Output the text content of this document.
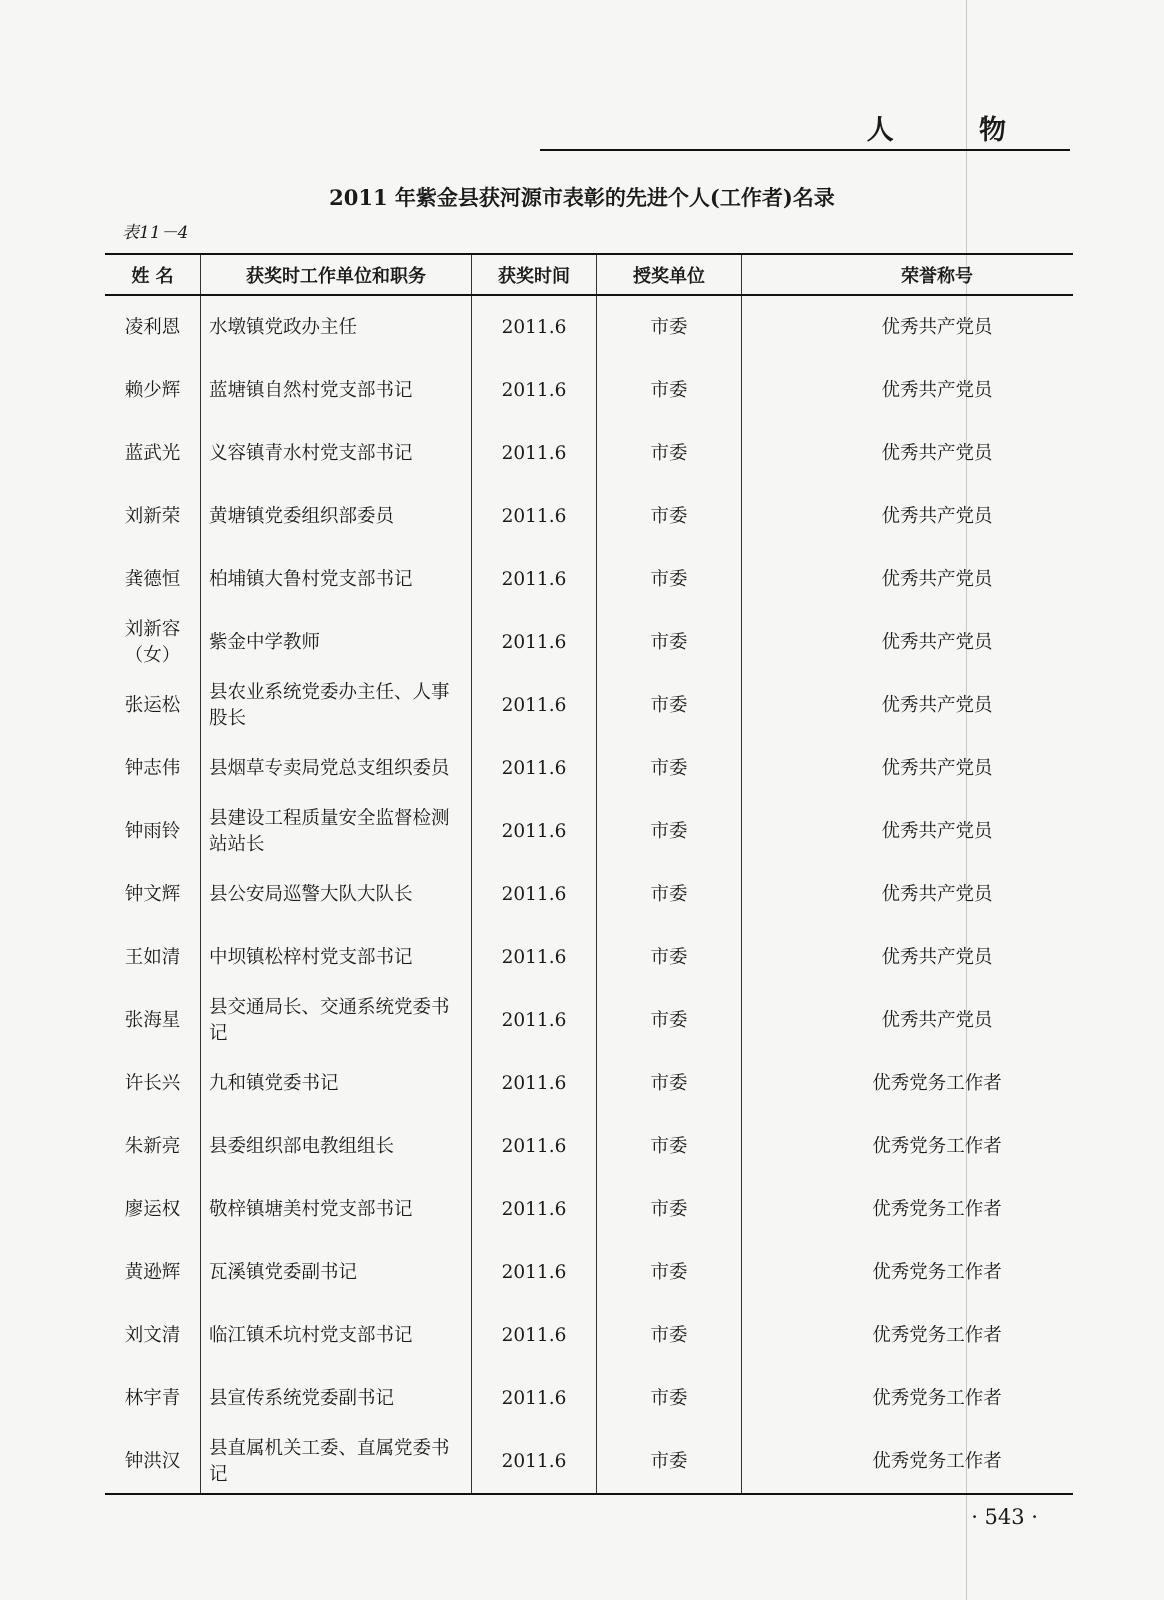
人 物
2011 年紫金县获河源市表彰的先进个人(工作者)名录
表11－4
姓 名	获奖时工作单位和职务	获奖时间	授奖单位	荣誉称号
凌利恩	水墩镇党政办主任	2011.6	市委	优秀共产党员
赖少辉	蓝塘镇自然村党支部书记	2011.6	市委	优秀共产党员
蓝武光	义容镇青水村党支部书记	2011.6	市委	优秀共产党员
刘新荣	黄塘镇党委组织部委员	2011.6	市委	优秀共产党员
龚德恒	柏埔镇大鲁村党支部书记	2011.6	市委	优秀共产党员
刘新容（女）	紫金中学教师	2011.6	市委	优秀共产党员
张运松	县农业系统党委办主任、人事股长	2011.6	市委	优秀共产党员
钟志伟	县烟草专卖局党总支组织委员	2011.6	市委	优秀共产党员
钟雨铃	县建设工程质量安全监督检测站站长	2011.6	市委	优秀共产党员
钟文辉	县公安局巡警大队大队长	2011.6	市委	优秀共产党员
王如清	中坝镇松梓村党支部书记	2011.6	市委	优秀共产党员
张海星	县交通局长、交通系统党委书记	2011.6	市委	优秀共产党员
许长兴	九和镇党委书记	2011.6	市委	优秀党务工作者
朱新亮	县委组织部电教组组长	2011.6	市委	优秀党务工作者
廖运权	敬梓镇塘美村党支部书记	2011.6	市委	优秀党务工作者
黄逊辉	瓦溪镇党委副书记	2011.6	市委	优秀党务工作者
刘文清	临江镇禾坑村党支部书记	2011.6	市委	优秀党务工作者
林宇青	县宣传系统党委副书记	2011.6	市委	优秀党务工作者
钟洪汉	县直属机关工委、直属党委书记	2011.6	市委	优秀党务工作者
· 543 ·
